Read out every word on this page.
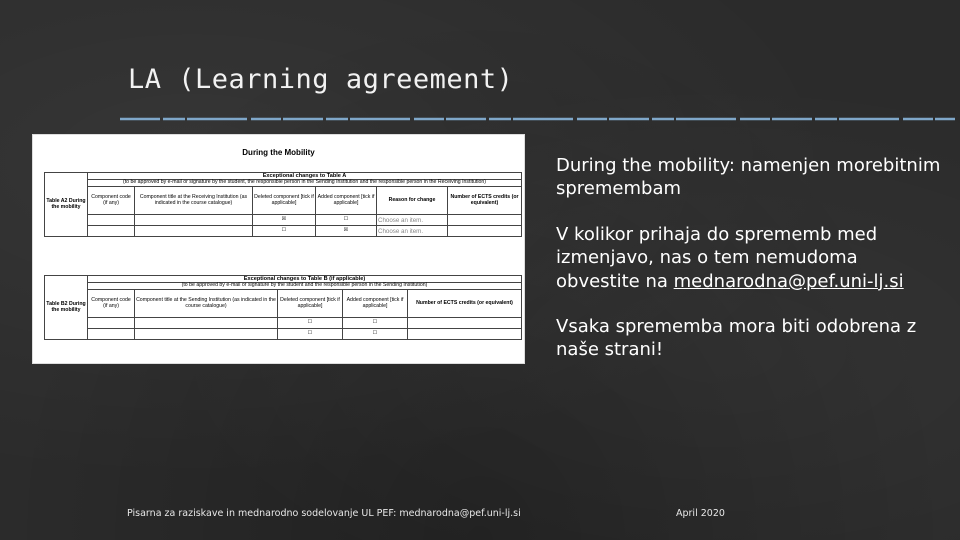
LA (Learning agreement)
During the Mobility
Table A2 During the mobility	Exceptional changes to Table A					
	(to be approved by e-mail or signature by the student, the responsible person in the Sending Institution and the responsible person in the Receiving Institution)					
	Component code (if any)	Component title at the Receiving Institution (as indicated in the course catalogue)	Deleted component [tick if applicable]	Added component [tick if applicable]	Reason for change	Number of ECTS credits (or equivalent)
			☒	☐	Choose an item.	
			☐	☒	Choose an item.	
Table B2 During the mobility	Exceptional changes to Table B (if applicable)				
	(to be approved by e-mail or signature by the student and the responsible person in the Sending Institution)				
	Component code (if any)	Component title at the Sending Institution (as indicated in the course catalogue)	Deleted component [tick if applicable]	Added component [tick if applicable]	Number of ECTS credits (or equivalent)
			☐	☐	
			☐	☐	

During the mobility: namenjen morebitnim spremembam

V kolikor prihaja do sprememb med izmenjavo, nas o tem nemudoma obvestite na mednarodna@pef.uni-lj.si

Vsaka sprememba mora biti odobrena z naše strani!

Pisarna za raziskave in mednarodno sodelovanje UL PEF: mednarodna@pef.uni-lj.si	April 2020
